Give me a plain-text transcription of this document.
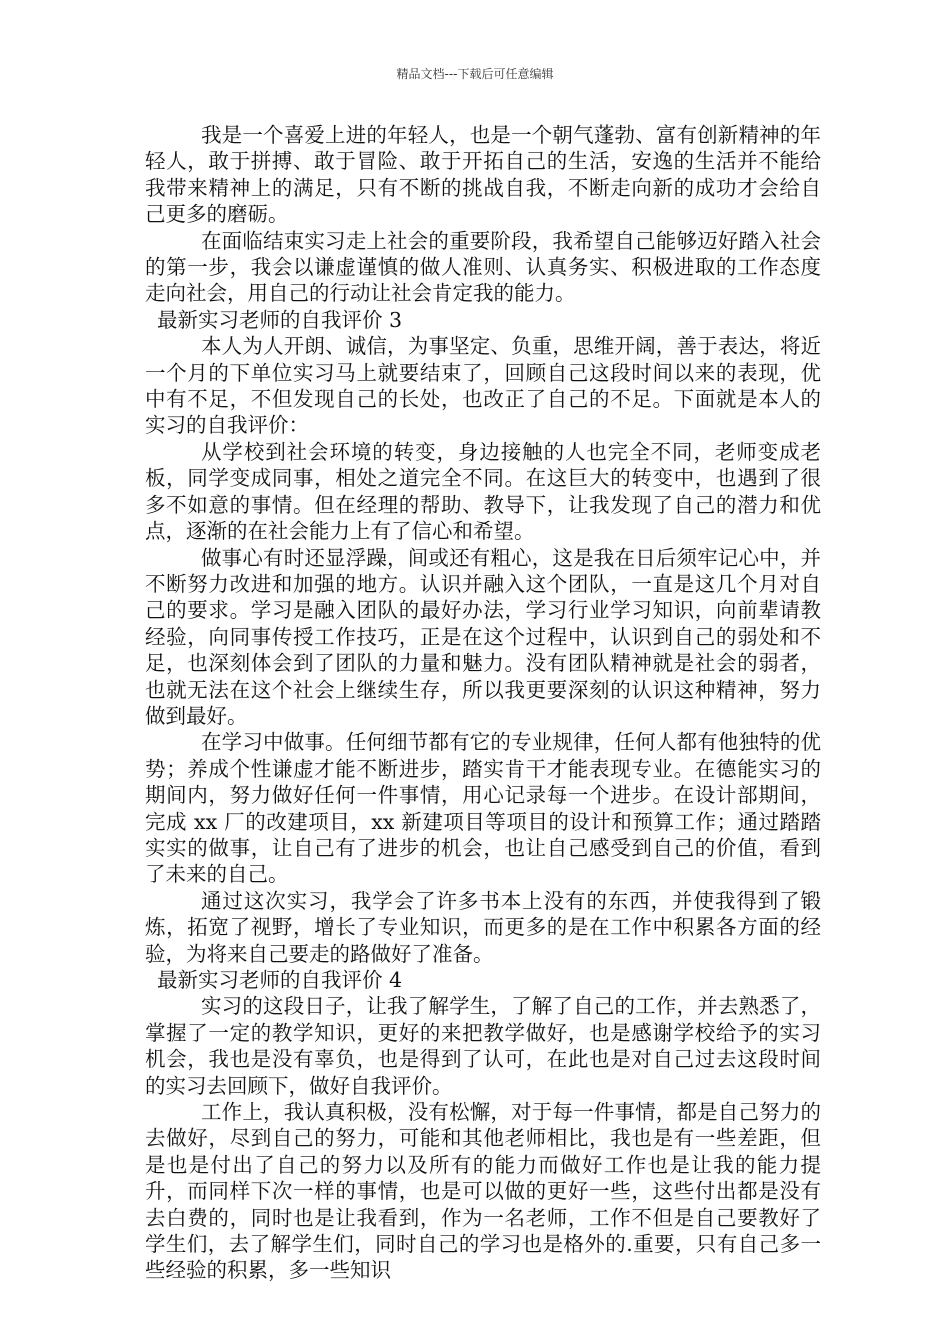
精品文档---下载后可任意编辑

我是一个喜爱上进的年轻人，也是一个朝气蓬勃、富有创新精神的年轻人，敢于拼搏、敢于冒险、敢于开拓自己的生活，安逸的生活并不能给我带来精神上的满足，只有不断的挑战自我，不断走向新的成功才会给自己更多的磨砺。

在面临结束实习走上社会的重要阶段，我希望自己能够迈好踏入社会的第一步，我会以谦虚谨慎的做人准则、认真务实、积极进取的工作态度走向社会，用自己的行动让社会肯定我的能力。

最新实习老师的自我评价 3

本人为人开朗、诚信，为事坚定、负重，思维开阔，善于表达，将近一个月的下单位实习马上就要结束了，回顾自己这段时间以来的表现，优中有不足，不但发现自己的长处，也改正了自己的不足。下面就是本人的实习的自我评价：

从学校到社会环境的转变，身边接触的人也完全不同，老师变成老板，同学变成同事，相处之道完全不同。在这巨大的转变中，也遇到了很多不如意的事情。但在经理的帮助、教导下，让我发现了自己的潜力和优点，逐渐的在社会能力上有了信心和希望。

做事心有时还显浮躁，间或还有粗心，这是我在日后须牢记心中，并不断努力改进和加强的地方。认识并融入这个团队，一直是这几个月对自己的要求。学习是融入团队的最好办法，学习行业学习知识，向前辈请教经验，向同事传授工作技巧，正是在这个过程中，认识到自己的弱处和不足，也深刻体会到了团队的力量和魅力。没有团队精神就是社会的弱者，也就无法在这个社会上继续生存，所以我更要深刻的认识这种精神，努力做到最好。

在学习中做事。任何细节都有它的专业规律，任何人都有他独特的优势；养成个性谦虚才能不断进步，踏实肯干才能表现专业。在德能实习的期间内，努力做好任何一件事情，用心记录每一个进步。在设计部期间，完成 xx 厂的改建项目，xx 新建项目等项目的设计和预算工作；通过踏踏实实的做事，让自己有了进步的机会，也让自己感受到自己的价值，看到了未来的自己。

通过这次实习，我学会了许多书本上没有的东西，并使我得到了锻炼，拓宽了视野，增长了专业知识，而更多的是在工作中积累各方面的经验，为将来自己要走的路做好了准备。

最新实习老师的自我评价 4

实习的这段日子，让我了解学生，了解了自己的工作，并去熟悉了，掌握了一定的教学知识，更好的来把教学做好，也是感谢学校给予的实习机会，我也是没有辜负，也是得到了认可，在此也是对自己过去这段时间的实习去回顾下，做好自我评价。

工作上，我认真积极，没有松懈，对于每一件事情，都是自己努力的去做好，尽到自己的努力，可能和其他老师相比，我也是有一些差距，但是也是付出了自己的努力以及所有的能力而做好工作也是让我的能力提升，而同样下次一样的事情，也是可以做的更好一些，这些付出都是没有去白费的，同时也是让我看到，作为一名老师，工作不但是自己要教好了学生们，去了解学生们，同时自己的学习也是格外的.重要，只有自己多一些经验的积累，多一些知识
